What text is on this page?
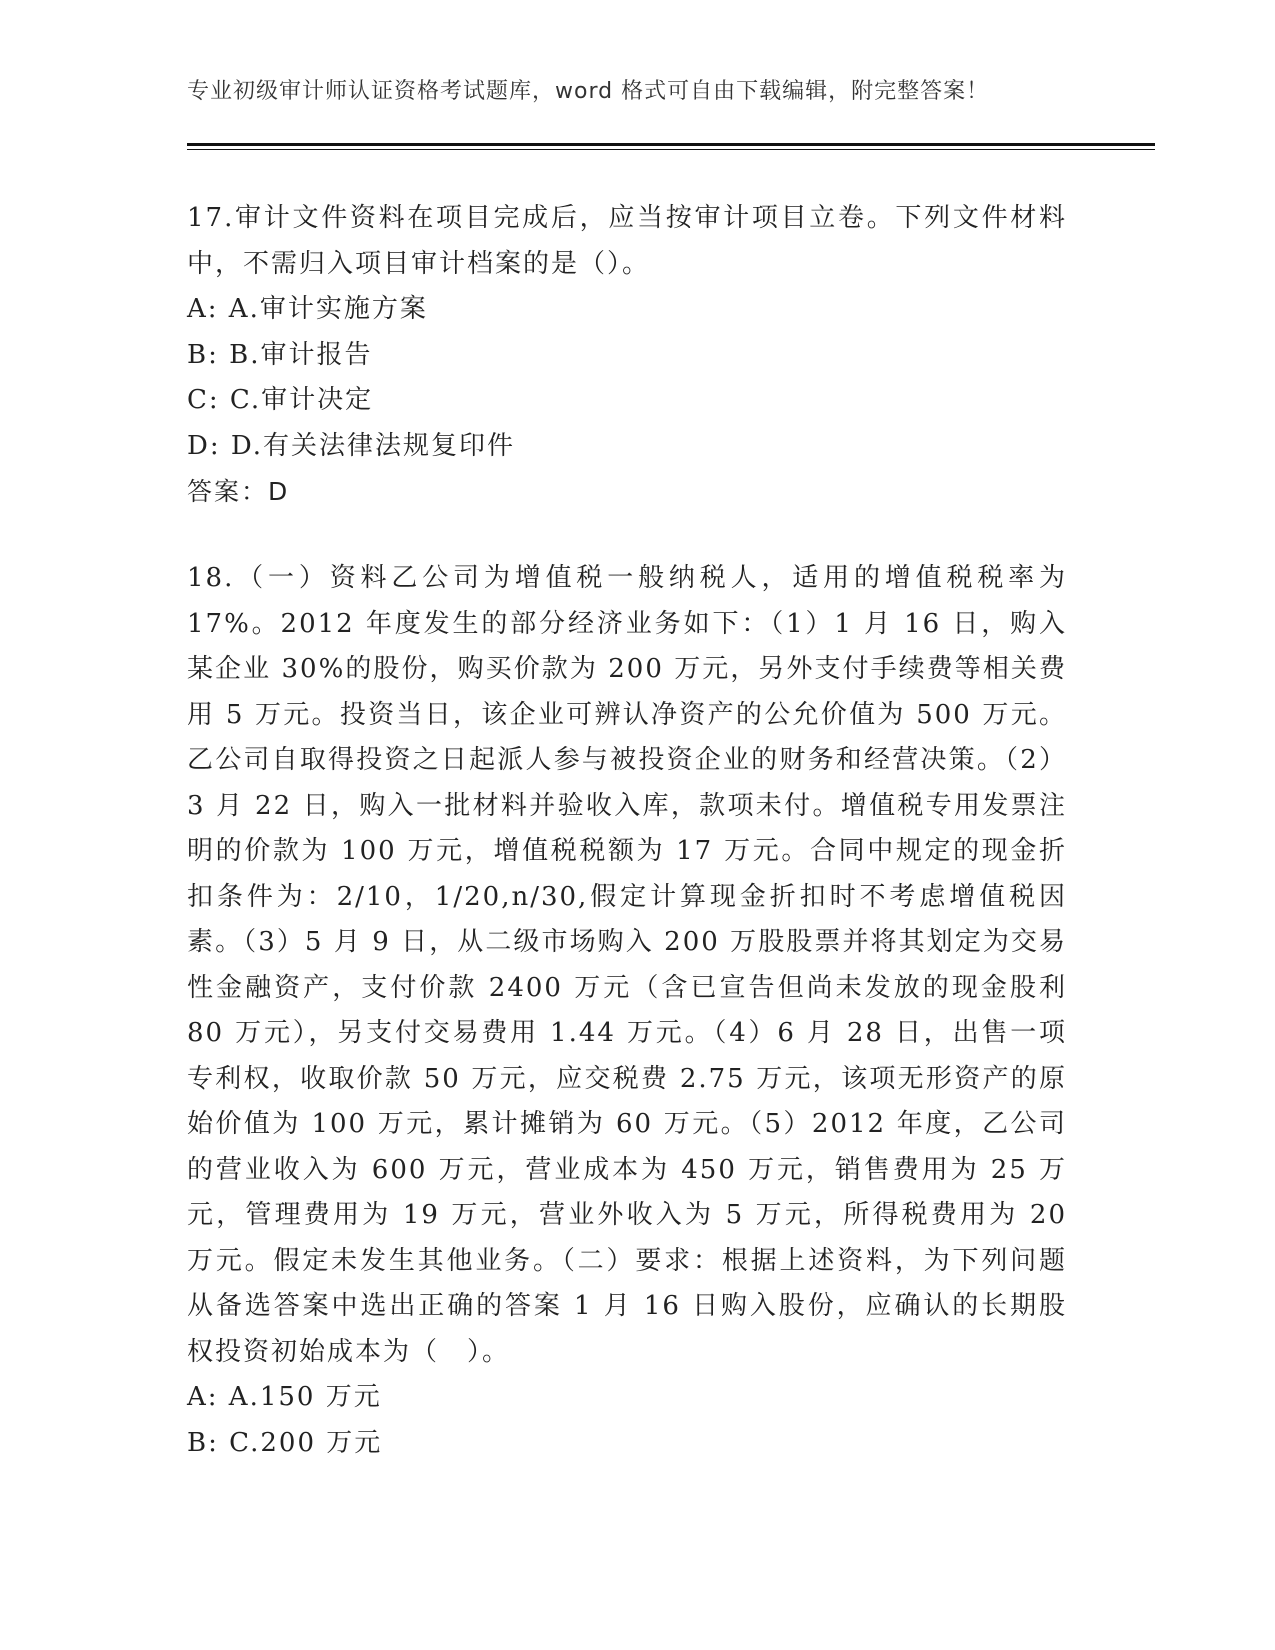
专业初级审计师认证资格考试题库，word 格式可自由下载编辑，附完整答案！

17.审计文件资料在项目完成后，应当按审计项目立卷。下列文件材料中，不需归入项目审计档案的是（）。

A: A.审计实施方案

B: B.审计报告

C: C.审计决定

D: D.有关法律法规复印件

答案：D

18.（一）资料乙公司为增值税一般纳税人，适用的增值税税率为 17%。2012 年度发生的部分经济业务如下：（1）1 月 16 日，购入某企业 30%的股份，购买价款为 200 万元，另外支付手续费等相关费用 5 万元。投资当日，该企业可辨认净资产的公允价值为 500 万元。乙公司自取得投资之日起派人参与被投资企业的财务和经营决策。（2）3 月 22 日，购入一批材料并验收入库，款项未付。增值税专用发票注明的价款为 100 万元，增值税税额为 17 万元。合同中规定的现金折扣条件为：2/10，1/20,n/30,假定计算现金折扣时不考虑增值税因素。（3）5 月 9 日，从二级市场购入 200 万股股票并将其划定为交易性金融资产，支付价款 2400 万元（含已宣告但尚未发放的现金股利 80 万元），另支付交易费用 1.44 万元。（4）6 月 28 日，出售一项专利权，收取价款 50 万元，应交税费 2.75 万元，该项无形资产的原始价值为 100 万元，累计摊销为 60 万元。（5）2012 年度，乙公司的营业收入为 600 万元，营业成本为 450 万元，销售费用为 25 万元，管理费用为 19 万元，营业外收入为 5 万元，所得税费用为 20 万元。假定未发生其他业务。（二）要求：根据上述资料，为下列问题从备选答案中选出正确的答案 1 月 16 日购入股份，应确认的长期股权投资初始成本为（　）。

A: A.150 万元

B: C.200 万元
